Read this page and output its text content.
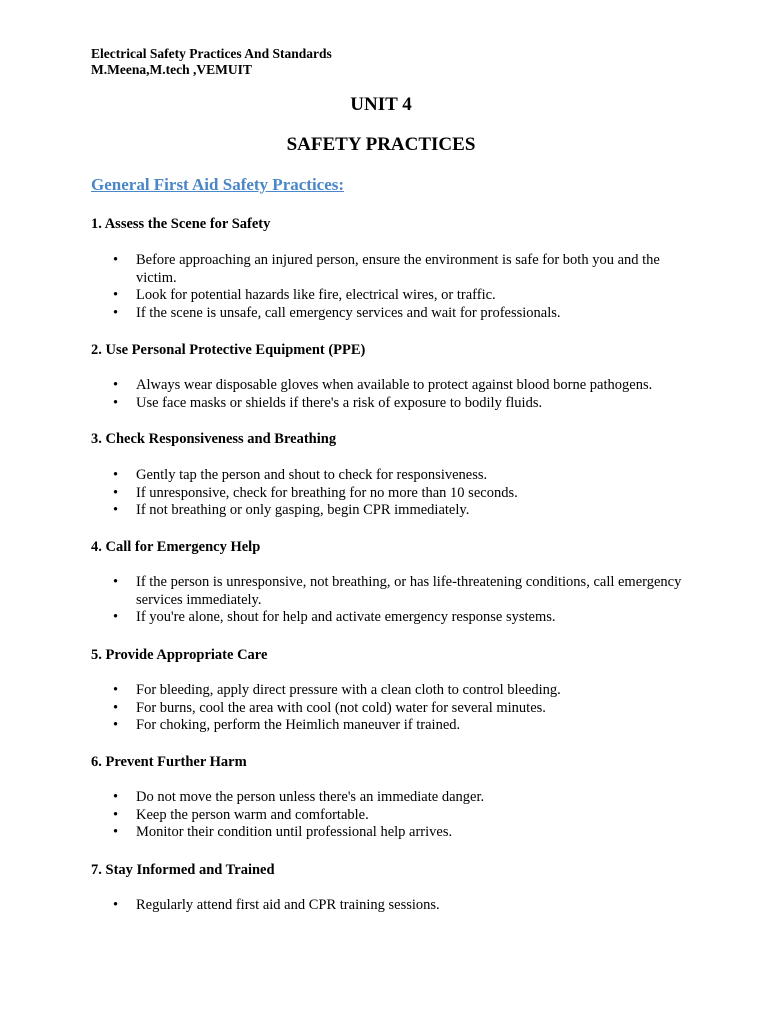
Electrical Safety Practices And Standards
M.Meena,M.tech ,VEMUIT
UNIT 4
SAFETY PRACTICES
General First Aid Safety Practices:
1. Assess the Scene for Safety
• Before approaching an injured person, ensure the environment is safe for both you and the victim.
• Look for potential hazards like fire, electrical wires, or traffic.
• If the scene is unsafe, call emergency services and wait for professionals.
2. Use Personal Protective Equipment (PPE)
• Always wear disposable gloves when available to protect against blood borne pathogens.
• Use face masks or shields if there's a risk of exposure to bodily fluids.
3. Check Responsiveness and Breathing
• Gently tap the person and shout to check for responsiveness.
• If unresponsive, check for breathing for no more than 10 seconds.
• If not breathing or only gasping, begin CPR immediately.
4. Call for Emergency Help
• If the person is unresponsive, not breathing, or has life-threatening conditions, call emergency services immediately.
• If you're alone, shout for help and activate emergency response systems.
5. Provide Appropriate Care
• For bleeding, apply direct pressure with a clean cloth to control bleeding.
• For burns, cool the area with cool (not cold) water for several minutes.
• For choking, perform the Heimlich maneuver if trained.
6. Prevent Further Harm
• Do not move the person unless there's an immediate danger.
• Keep the person warm and comfortable.
• Monitor their condition until professional help arrives.
7. Stay Informed and Trained
• Regularly attend first aid and CPR training sessions.
